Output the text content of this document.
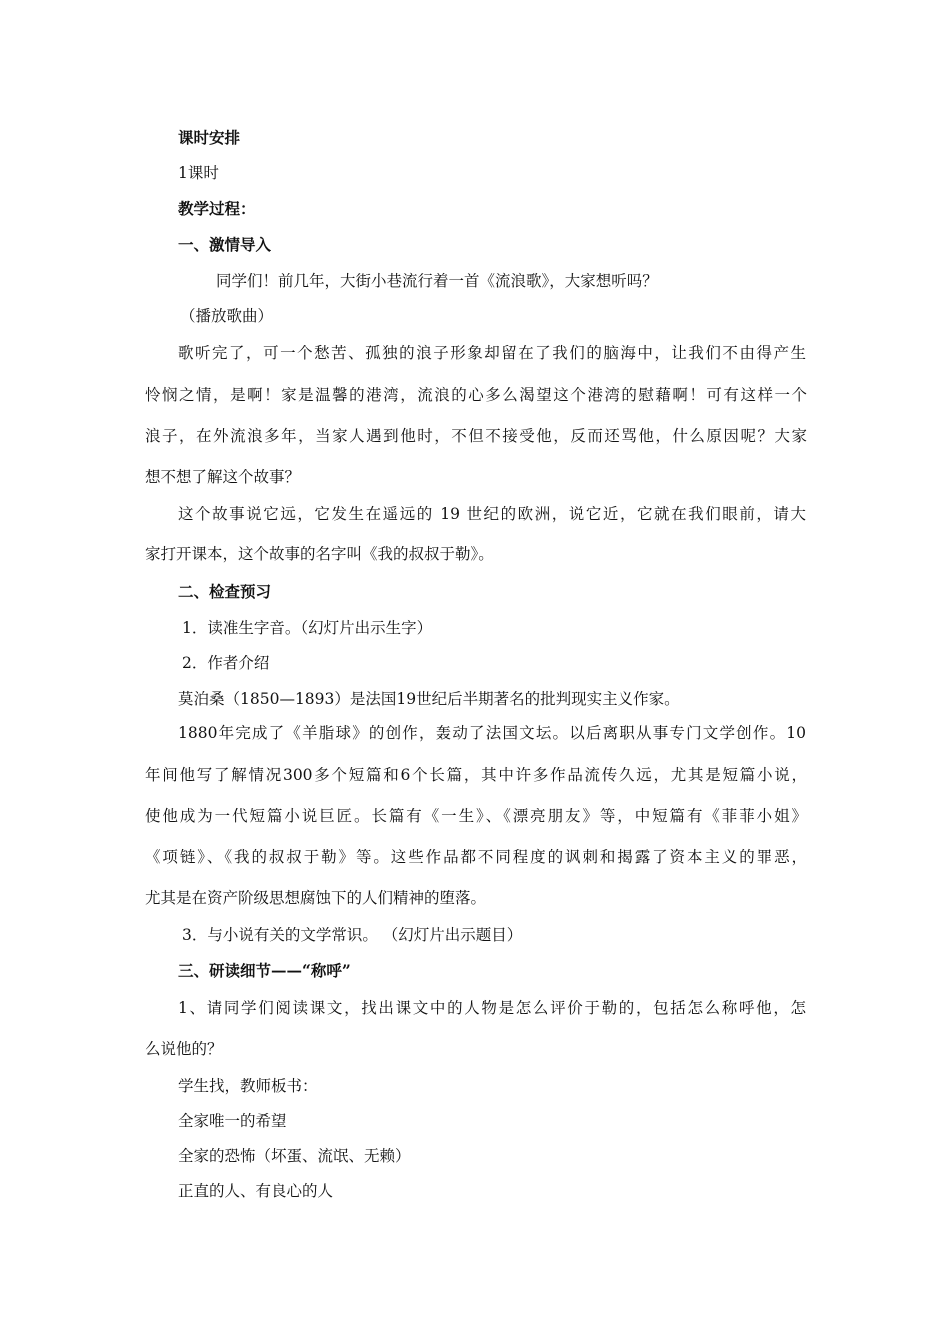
课时安排
1课时
教学过程：
一、激情导入
同学们！前几年，大街小巷流行着一首《流浪歌》，大家想听吗？
（播放歌曲）
歌听完了，可一个愁苦、孤独的浪子形象却留在了我们的脑海中，让我们不由得产生
怜悯之情，是啊！家是温馨的港湾，流浪的心多么渴望这个港湾的慰藉啊！可有这样一个
浪子，在外流浪多年，当家人遇到他时，不但不接受他，反而还骂他，什么原因呢？大家
想不想了解这个故事？
这个故事说它远，它发生在遥远的 19 世纪的欧洲，说它近，它就在我们眼前，请大
家打开课本，这个故事的名字叫《我的叔叔于勒》。
二、检查预习
1．读准生字音。（幻灯片出示生字）
2．作者介绍
莫泊桑（1850—1893）是法国19世纪后半期著名的批判现实主义作家。
1880年完成了《羊脂球》的创作，轰动了法国文坛。以后离职从事专门文学创作。10
年间他写了解情况300多个短篇和6个长篇，其中许多作品流传久远，尤其是短篇小说，
使他成为一代短篇小说巨匠。长篇有《一生》、《漂亮朋友》等，中短篇有《菲菲小姐》
《项链》、《我的叔叔于勒》等。这些作品都不同程度的讽刺和揭露了资本主义的罪恶，
尤其是在资产阶级思想腐蚀下的人们精神的堕落。
3．与小说有关的文学常识。 （幻灯片出示题目）
三、研读细节——“称呼”
1、请同学们阅读课文，找出课文中的人物是怎么评价于勒的，包括怎么称呼他，怎
么说他的？
学生找，教师板书：
全家唯一的希望
全家的恐怖（坏蛋、流氓、无赖）
正直的人、有良心的人
